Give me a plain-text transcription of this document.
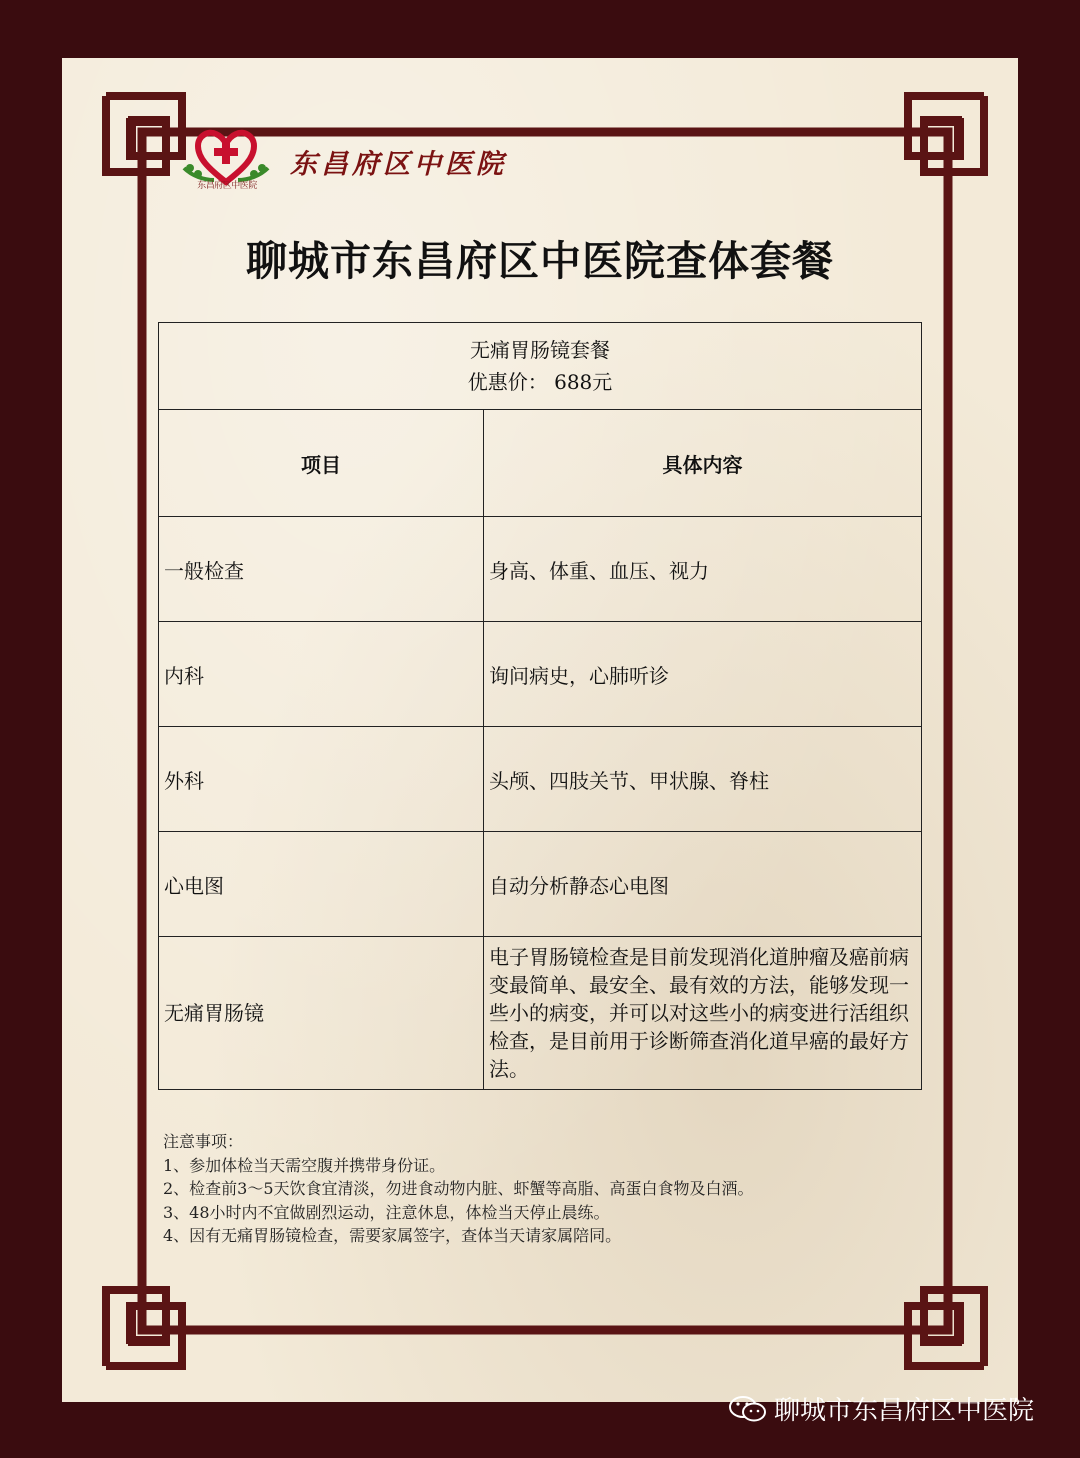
东昌府区中医院
东昌府区中医院
聊城市东昌府区中医院查体套餐
无痛胃肠镜套餐
优惠价： 688元	

项目	具体内容
一般检查	身高、体重、血压、视力
内科	询问病史，心肺听诊
外科	头颅、四肢关节、甲状腺、脊柱
心电图	自动分析静态心电图
无痛胃肠镜	电子胃肠镜检查是目前发现消化道肿瘤及癌前病变最简单、最安全、最有效的方法，能够发现一些小的病变，并可以对这些小的病变进行活组织检查，是目前用于诊断筛查消化道早癌的最好方法。
注意事项：
1、参加体检当天需空腹并携带身份证。
2、检查前3～5天饮食宜清淡，勿进食动物内脏、虾蟹等高脂、高蛋白食物及白酒。
3、48小时内不宜做剧烈运动，注意休息，体检当天停止晨练。
4、因有无痛胃肠镜检查，需要家属签字，查体当天请家属陪同。
聊城市东昌府区中医院
